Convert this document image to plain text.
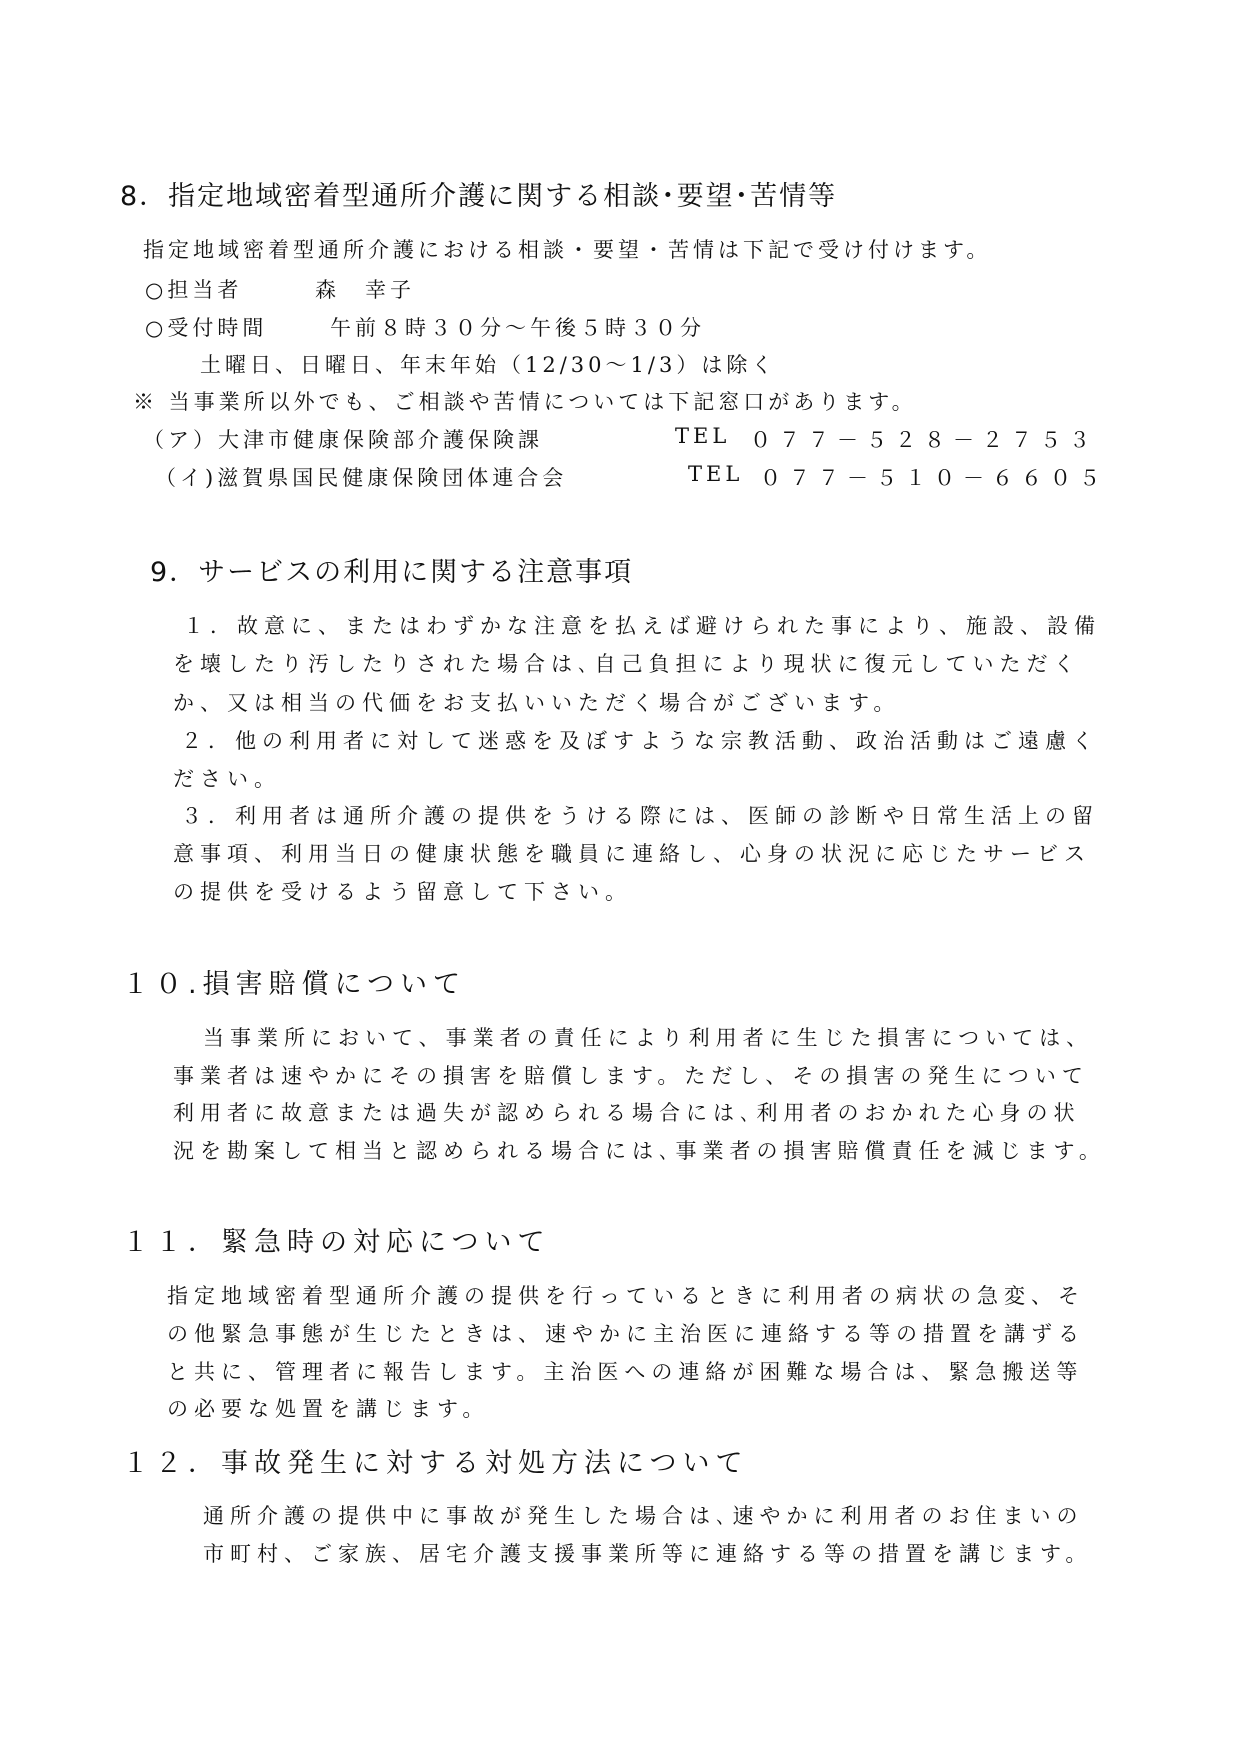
8．指定地域密着型通所介護に関する相談･要望･苦情等

指定地域密着型通所介護における相談・要望・苦情は下記で受け付けます。

○担当者	森　幸子

○受付時間	午前８時３０分～午後５時３０分

土曜日、日曜日、年末年始（12/30～1/3）は除く

※ 当事業所以外でも、ご相談や苦情については下記窓口があります。

（ア）大津市健康保険部介護保険課	TEL ０７７－５２８－２７５３

（イ)滋賀県国民健康保険団体連合会	TEL ０７７－５１０－６６０５

9．サービスの利用に関する注意事項

１．故意に、またはわずかな注意を払えば避けられた事により、施設、設備

を壊したり汚したりされた場合は､自己負担により現状に復元していただく

か、又は相当の代価をお支払いいただく場合がございます。

２．他の利用者に対して迷惑を及ぼすような宗教活動、政治活動はご遠慮く

ださい。

３．利用者は通所介護の提供をうける際には、医師の診断や日常生活上の留

意事項、利用当日の健康状態を職員に連絡し、心身の状況に応じたサービス

の提供を受けるよう留意して下さい。

１０.損害賠償について

当事業所において、事業者の責任により利用者に生じた損害については、

事業者は速やかにその損害を賠償します。ただし、その損害の発生について

利用者に故意または過失が認められる場合には､利用者のおかれた心身の状

況を勘案して相当と認められる場合には､事業者の損害賠償責任を減じます。

１１．緊急時の対応について

指定地域密着型通所介護の提供を行っているときに利用者の病状の急変、そ

の他緊急事態が生じたときは、速やかに主治医に連絡する等の措置を講ずる

と共に、管理者に報告します。主治医への連絡が困難な場合は、緊急搬送等

の必要な処置を講じます。

１２．事故発生に対する対処方法について

通所介護の提供中に事故が発生した場合は､速やかに利用者のお住まいの

市町村、ご家族、居宅介護支援事業所等に連絡する等の措置を講じます。
